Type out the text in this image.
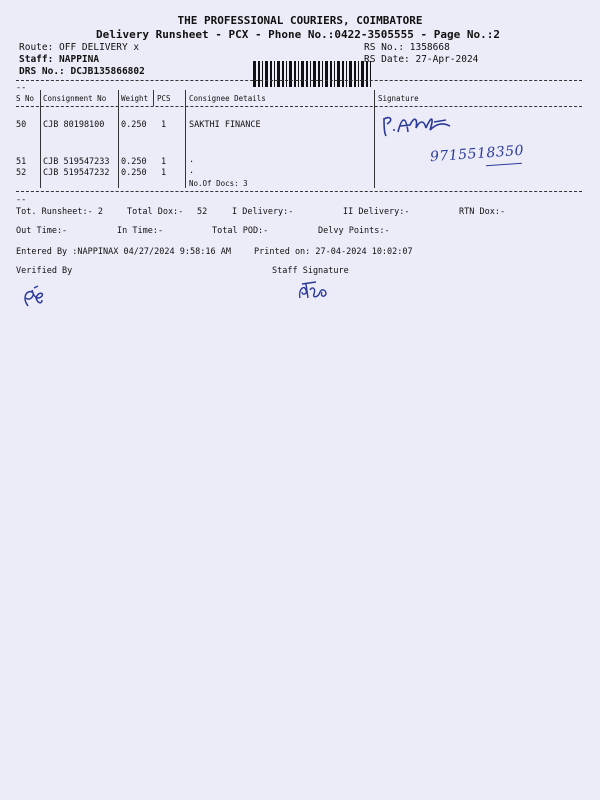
THE PROFESSIONAL COURIERS, COIMBATORE
Delivery Runsheet - PCX - Phone No.:0422-3505555 - Page No.:2
Route: OFF DELIVERY x
Staff: NAPPINA
DRS No.: DCJB135866802

RS No.: 1358668
RS Date: 27-Apr-2024
--
S No Consignment No Weight PCS Consignee Details	Signature
50 CJB 80198100 0.250 1	SAKTHI FINANCE
51 CJB 519547233 0.250 1	.
52 CJB 519547232 0.250 1	.
No.Of Docs: 3
9715518350
--
Tot. Runsheet:- 2	Total Dox:- 52	I Delivery:-	II Delivery:-	RTN Dox:-
Out Time:-	In Time:-	Total POD:-	Delvy Points:-
Entered By :NAPPINAX 04/27/2024 9:58:16 AM	Printed on: 27-04-2024 10:02:07
Verified By	Staff Signature
